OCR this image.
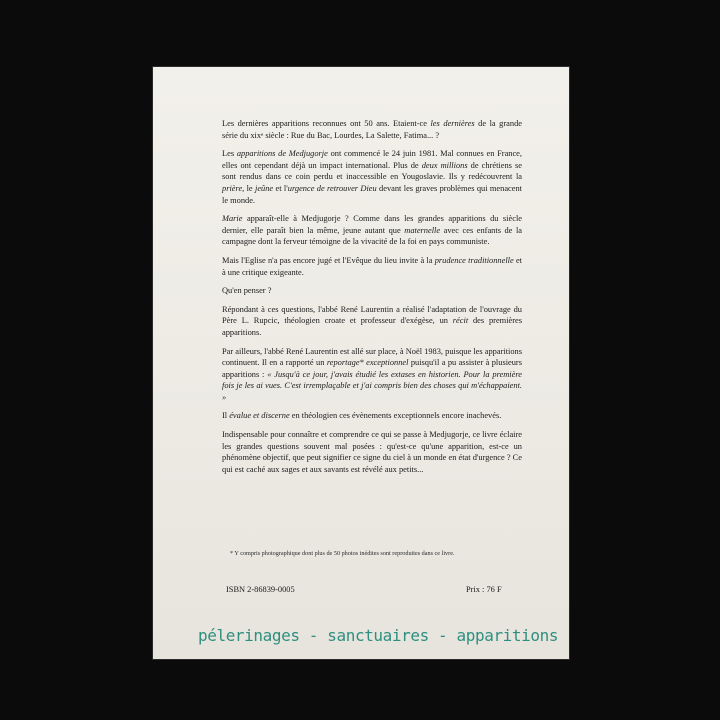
Les dernières apparitions reconnues ont 50 ans. Etaient-ce les dernières de la grande série du xixᵉ siècle : Rue du Bac, Lourdes, La Salette, Fatima... ?

Les apparitions de Medjugorje ont commencé le 24 juin 1981. Mal connues en France, elles ont cependant déjà un impact international. Plus de deux millions de chrétiens se sont rendus dans ce coin perdu et inaccessible en Yougoslavie. Ils y redécouvrent la prière, le jeûne et l'urgence de retrouver Dieu devant les graves problèmes qui menacent le monde.

Marie apparaît-elle à Medjugorje ? Comme dans les grandes apparitions du siècle dernier, elle paraît bien la même, jeune autant que maternelle avec ces enfants de la campagne dont la ferveur témoigne de la vivacité de la foi en pays communiste.

Mais l'Eglise n'a pas encore jugé et l'Evêque du lieu invite à la prudence traditionnelle et à une critique exigeante.

Qu'en penser ?

Répondant à ces questions, l'abbé René Laurentin a réalisé l'adaptation de l'ouvrage du Père L. Rupcic, théologien croate et professeur d'exégèse, un récit des premières apparitions.

Par ailleurs, l'abbé René Laurentin est allé sur place, à Noël 1983, puisque les apparitions continuent. Il en a rapporté un reportage* exceptionnel puisqu'il a pu assister à plusieurs apparitions : « Jusqu'à ce jour, j'avais étudié les extases en historien. Pour la première fois je les ai vues. C'est irremplaçable et j'ai compris bien des choses qui m'échappaient. »

Il évalue et discerne en théologien ces évènements exceptionnels encore inachevés.

Indispensable pour connaître et comprendre ce qui se passe à Medjugorje, ce livre éclaire les grandes questions souvent mal posées : qu'est-ce qu'une apparition, est-ce un phénomène objectif, que peut signifier ce signe du ciel à un monde en état d'urgence ? Ce qui est caché aux sages et aux savants est révélé aux petits...

* Y compris photographique dont plus de 50 photos inédites sont reproduites dans ce livre.
ISBN 2-86839-0005	Prix : 76 F
pélerinages - sanctuaires - apparitions
